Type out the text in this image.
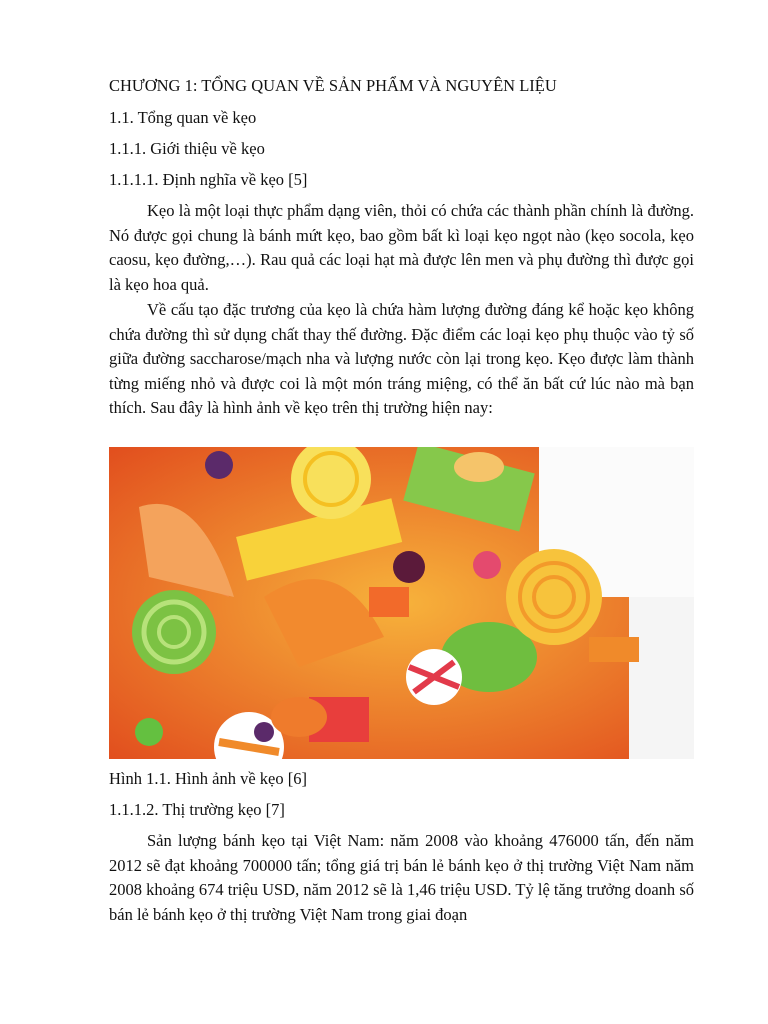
CHƯƠNG 1: TỔNG QUAN VỀ SẢN PHẨM VÀ NGUYÊN LIỆU
1.1. Tổng quan về kẹo
1.1.1. Giới thiệu về kẹo
1.1.1.1. Định nghĩa về kẹo [5]

Kẹo là một loại thực phẩm dạng viên, thỏi có chứa các thành phần chính là đường. Nó được gọi chung là bánh mứt kẹo, bao gồm bất kì loại kẹo ngọt nào (kẹo socola, kẹo caosu, kẹo đường,…). Rau quả các loại hạt mà được lên men và phụ đường thì được gọi là kẹo hoa quả.

Về cấu tạo đặc trương của kẹo là chứa hàm lượng đường đáng kể hoặc kẹo không chứa đường thì sử dụng chất thay thế đường. Đặc điểm các loại kẹo phụ thuộc vào tỷ số giữa đường saccharose/mạch nha và lượng nước còn lại trong kẹo. Kẹo được làm thành từng miếng nhỏ và được coi là một món tráng miệng, có thể ăn bất cứ lúc nào mà bạn thích. Sau đây là hình ảnh về kẹo trên thị trường hiện nay:

Hình 1.1. Hình ảnh về kẹo [6]
1.1.1.2. Thị trường kẹo [7]

Sản lượng bánh kẹo tại Việt Nam: năm 2008 vào khoảng 476000 tấn, đến năm 2012 sẽ đạt khoảng 700000 tấn; tổng giá trị bán lẻ bánh kẹo ở thị trường Việt Nam năm 2008 khoảng 674 triệu USD, năm 2012 sẽ là 1,46 triệu USD. Tỷ lệ tăng trưởng doanh số bán lẻ bánh kẹo ở thị trường Việt Nam trong giai đoạn
